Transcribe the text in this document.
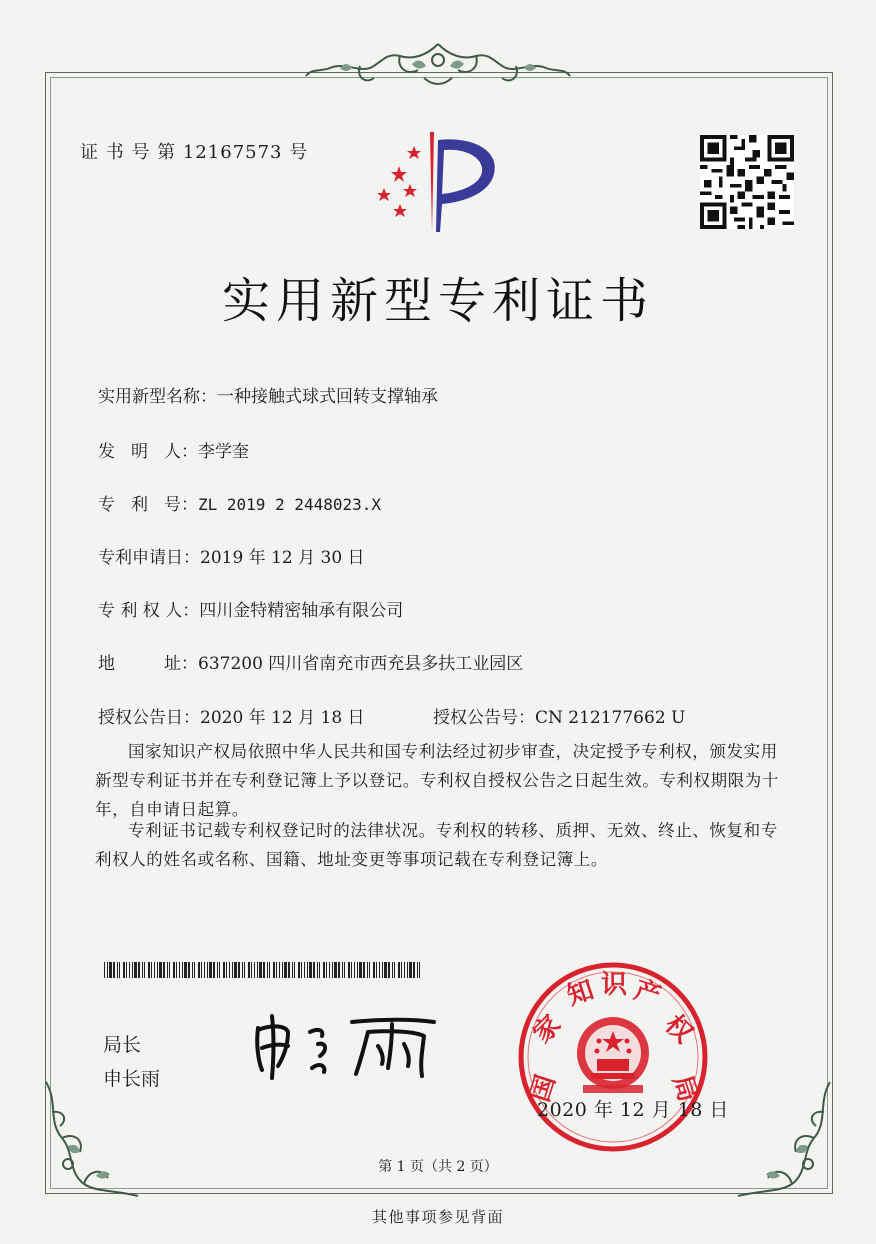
证 书 号 第 12167573 号
实用新型专利证书
实用新型名称：一种接触式球式回转支撑轴承
发 明 人： 李学奎
专 利 号： ZL 2019 2 2448023.X
专利申请日：2019 年 12 月 30 日
专 利 权 人：四川金特精密轴承有限公司
地	址： 637200 四川省南充市西充县多扶工业园区
授权公告日：2020 年 12 月 18 日	授权公告号：CN 212177662 U
国家知识产权局依照中华人民共和国专利法经过初步审查，决定授予专利权，颁发实用新型专利证书并在专利登记簿上予以登记。专利权自授权公告之日起生效。专利权期限为十年，自申请日起算。
专利证书记载专利权登记时的法律状况。专利权的转移、质押、无效、终止、恢复和专利权人的姓名或名称、国籍、地址变更等事项记载在专利登记簿上。
局长
申长雨	国
家
知 识 产
权
局
2020 年 12 月 18 日
第 1 页（共 2 页）
其他事项参见背面
